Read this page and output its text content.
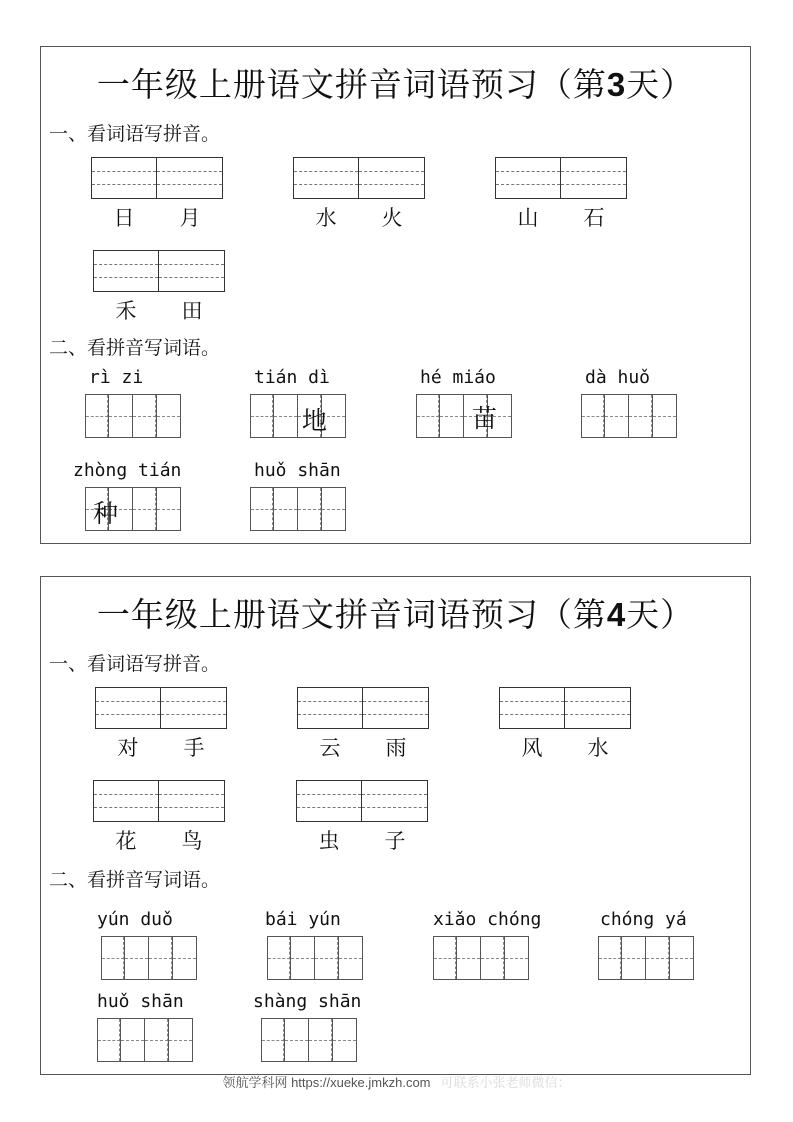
一年级上册语文拼音词语预习（第3天）
一、看词语写拼音。
日	月	水	火	山	石
禾	田
二、看拼音写词语。
rì zi	tián dì
地
hé miáo
苗
dà huǒ
zhòng tián
种
huǒ shān
一年级上册语文拼音词语预习（第4天）
一、看词语写拼音。
对	手	云	雨	风	水
花	鸟	虫	子
二、看拼音写词语。
yún duǒ	bái yún	xiǎo chóng	chóng yá
huǒ shān	shàng shān
领航学科网 https://xueke.jmkzh.com 可联系小张老师微信：
